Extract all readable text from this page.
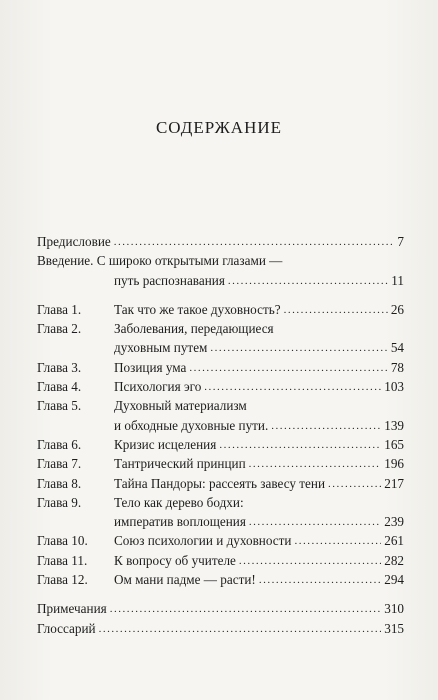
СОДЕРЖАНИЕ
Предисловие .....	7
Введение. С широко открытыми глазами —
путь распознавания .....	11
Глава 1.	Так что же такое духовность? .....	26
Глава 2.	Заболевания, передающиеся
духовным путем .....	54
Глава 3.	Позиция ума .....	78
Глава 4.	Психология эго .....	103
Глава 5.	Духовный материализм
и обходные духовные пути. .....	139
Глава 6.	Кризис исцеления .....	165
Глава 7.	Тантрический принцип .....	196
Глава 8.	Тайна Пандоры: рассеять завесу тени .....	217
Глава 9.	Тело как дерево бодхи:
императив воплощения .....	239
Глава 10.	Союз психологии и духовности .....	261
Глава 11.	К вопросу об учителе .....	282
Глава 12.	Ом мани падме — расти! .....	294
Примечания .....	310
Глоссарий .....	315
